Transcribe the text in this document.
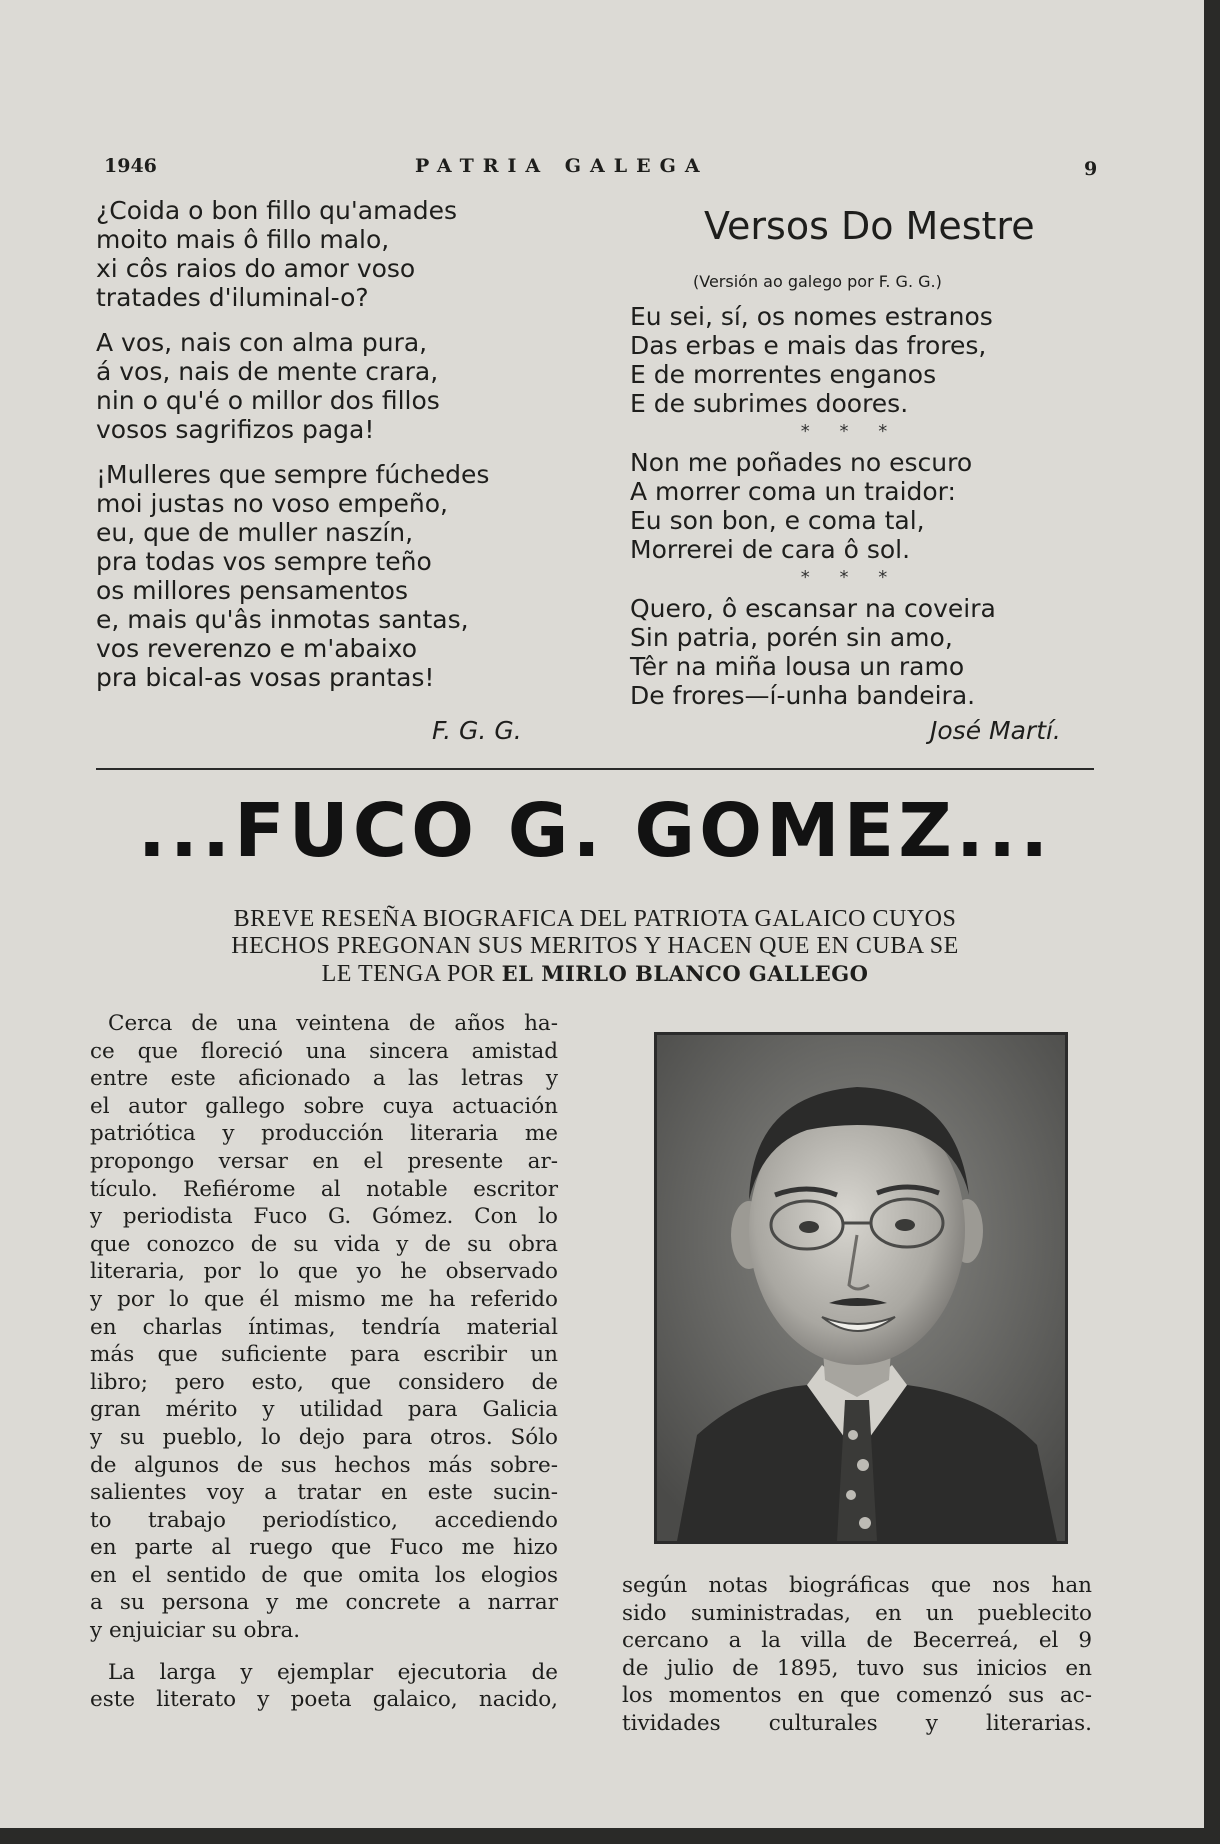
1946	PATRIA GALEGA	9
¿Coida o bon fillo qu'amades
moito mais ô fillo malo,
xi côs raios do amor voso
tratades d'iluminal-o?
A vos, nais con alma pura,
á vos, nais de mente crara,
nin o qu'é o millor dos fillos
vosos sagrifizos paga!
¡Mulleres que sempre fúchedes
moi justas no voso empeño,
eu, que de muller naszín,
pra todas vos sempre teño
os millores pensamentos
e, mais qu'âs inmotas santas,
vos reverenzo e m'abaixo
pra bical-as vosas prantas!
F. G. G.
Versos Do Mestre
(Versión ao galego por F. G. G.)
Eu sei, sí, os nomes estranos
Das erbas e mais das frores,
E de morrentes enganos
E de subrimes doores.
* * *
Non me poñades no escuro
A morrer coma un traidor:
Eu son bon, e coma tal,
Morrerei de cara ô sol.
* * *
Quero, ô escansar na coveira
Sin patria, porén sin amo,
Têr na miña lousa un ramo
De frores—í-unha bandeira.
José Martí.
...FUCO G. GOMEZ...
BREVE RESEÑA BIOGRAFICA DEL PATRIOTA GALAICO CUYOS
HECHOS PREGONAN SUS MERITOS Y HACEN QUE EN CUBA SE
LE TENGA POR EL MIRLO BLANCO GALLEGO
Cerca de una veintena de años ha-
ce que floreció una sincera amistad
entre este aficionado a las letras y
el autor gallego sobre cuya actuación
patriótica y producción literaria me
propongo versar en el presente ar-
tículo. Refiérome al notable escritor
y periodista Fuco G. Gómez. Con lo
que conozco de su vida y de su obra
literaria, por lo que yo he observado
y por lo que él mismo me ha referido
en charlas íntimas, tendría material
más que suficiente para escribir un
libro; pero esto, que considero de
gran mérito y utilidad para Galicia
y su pueblo, lo dejo para otros. Sólo
de algunos de sus hechos más sobre-
salientes voy a tratar en este sucin-
to trabajo periodístico, accediendo
en parte al ruego que Fuco me hizo
en el sentido de que omita los elogios
a su persona y me concrete a narrar
y enjuiciar su obra.
La larga y ejemplar ejecutoria de
este literato y poeta galaico, nacido,
según notas biográficas que nos han
sido suministradas, en un pueblecito
cercano a la villa de Becerreá, el 9
de julio de 1895, tuvo sus inicios en
los momentos en que comenzó sus ac-
tividades culturales y literarias.
